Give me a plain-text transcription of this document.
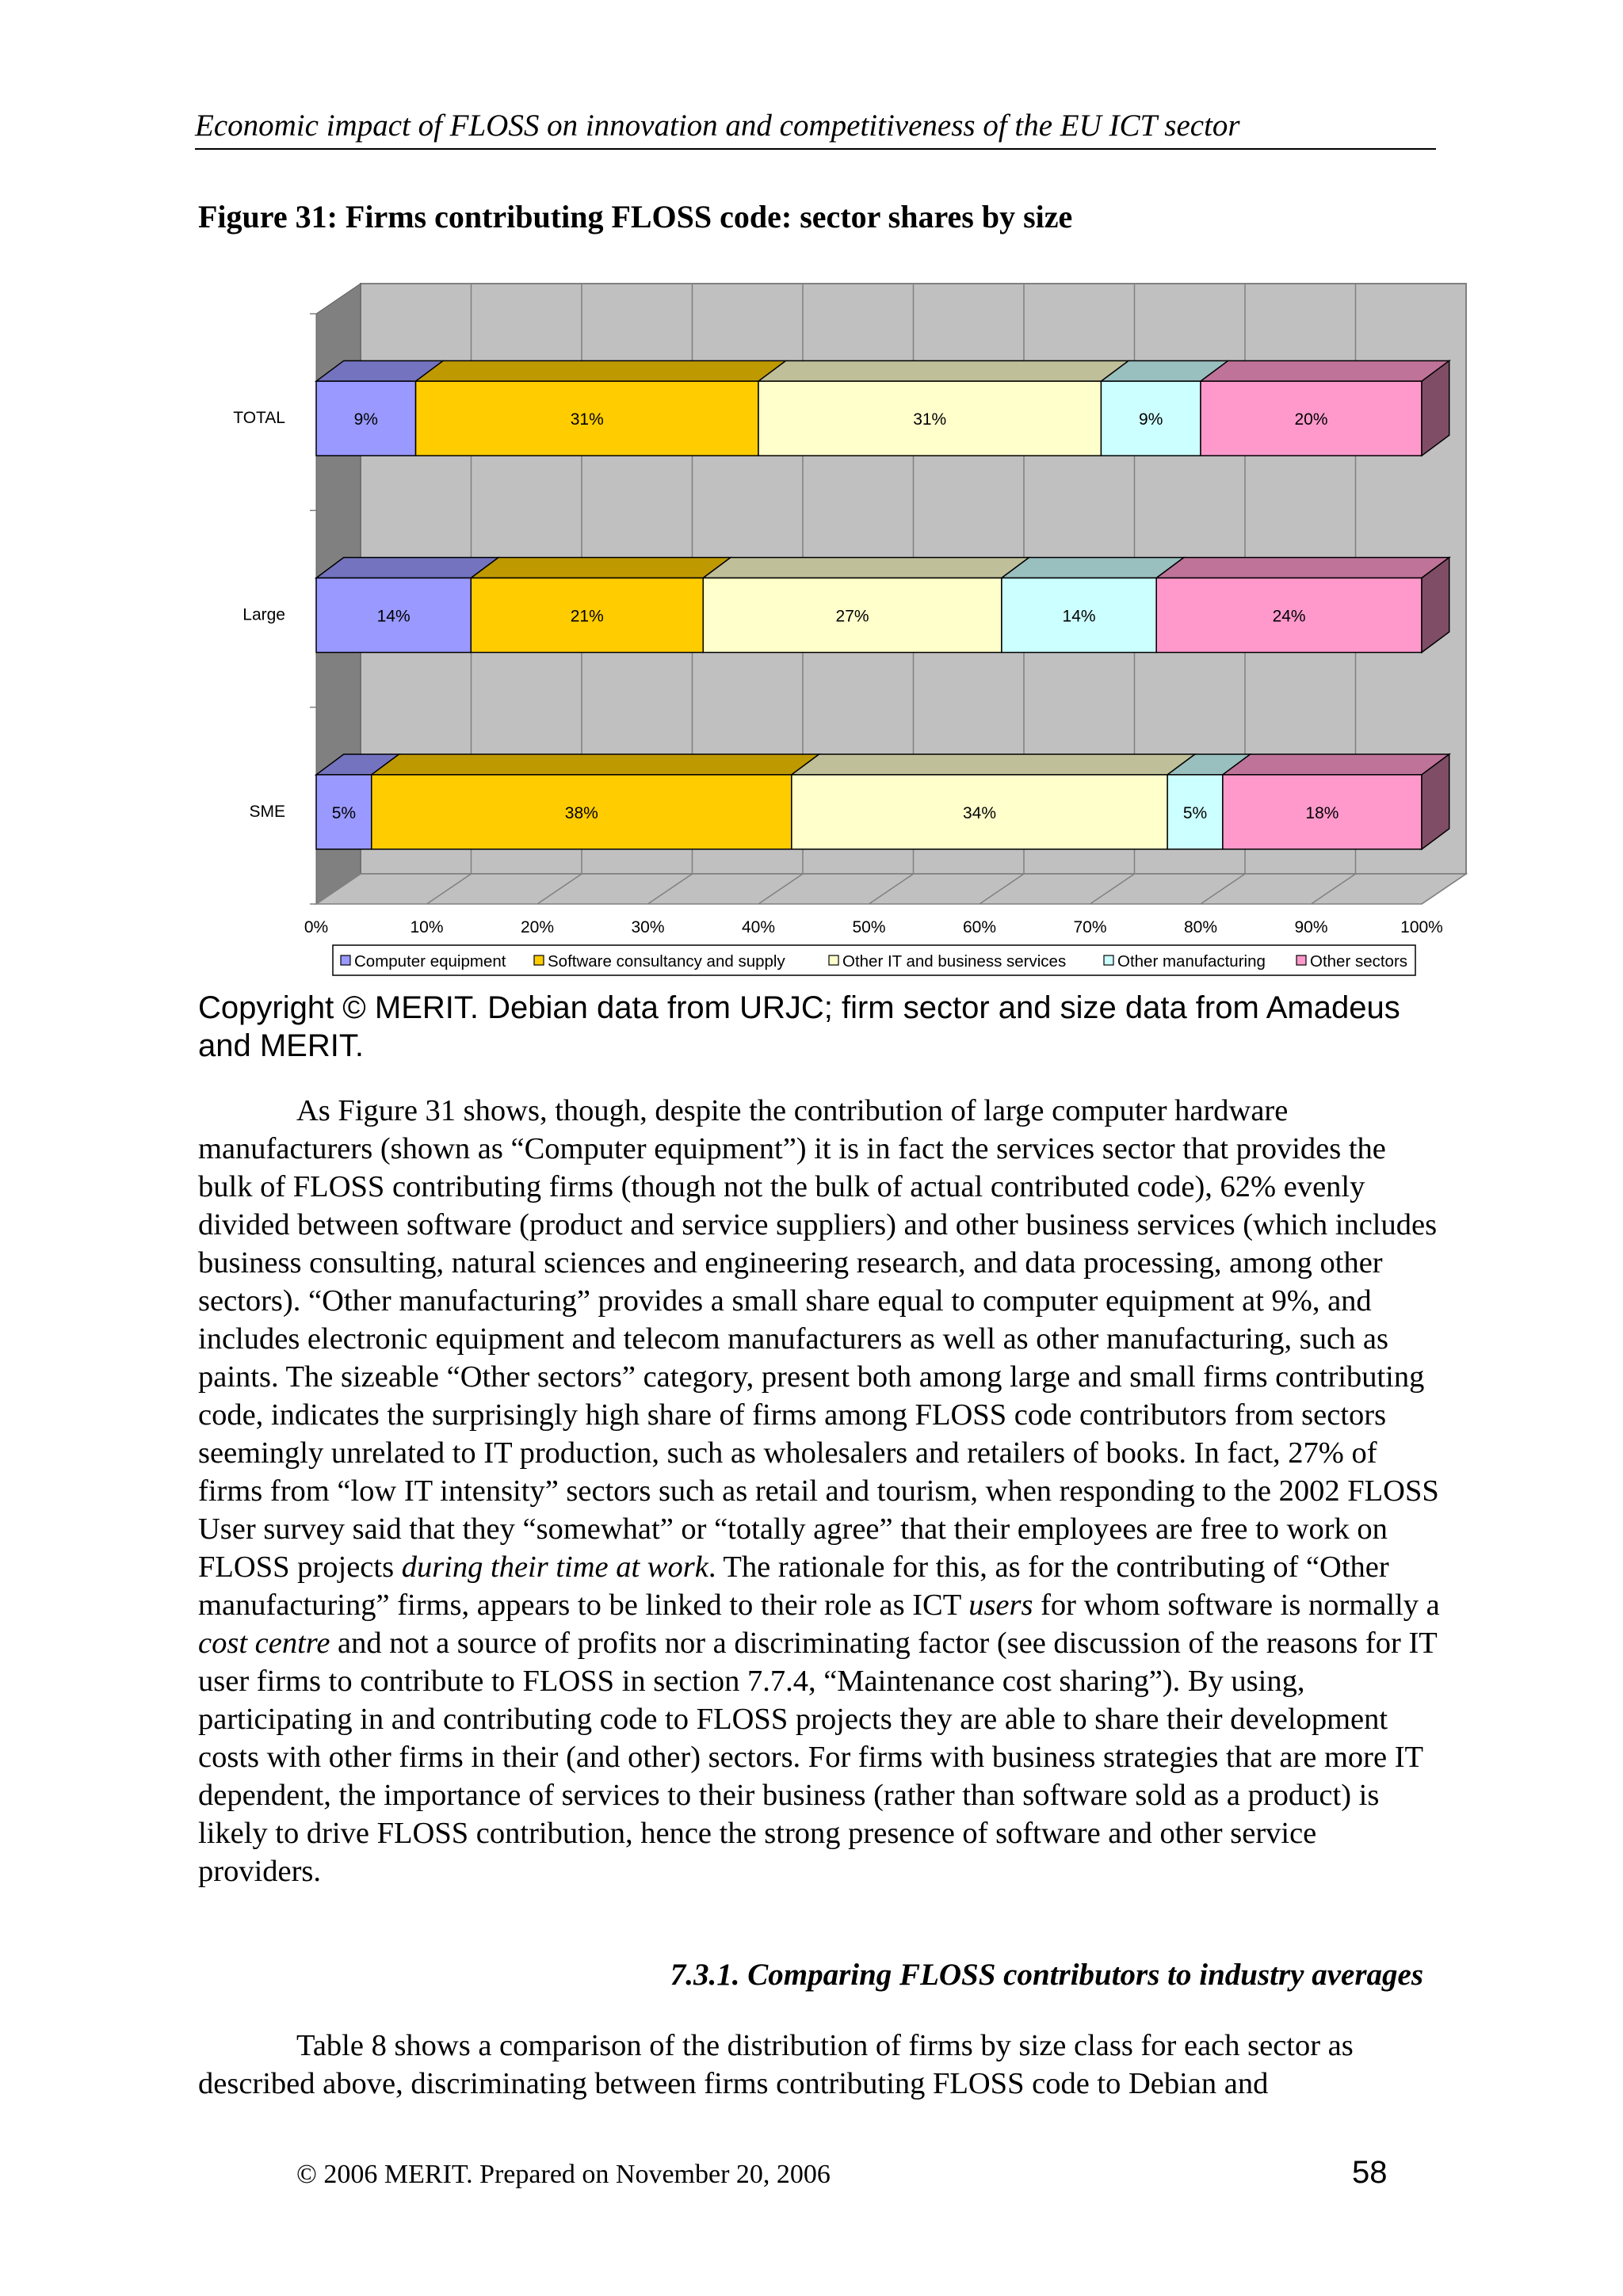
Economic impact of FLOSS on innovation and competitiveness of the EU ICT sector
Figure 31: Firms contributing FLOSS code: sector shares by size
0%	10%	20%	30%	40%	50%	60%	70%	80%	90%	100%
TOTAL	9%	31%	31%	9%	20%
Large	14%	21%	27%	14%	24%
SME	5%	38%	34%	5%	18%
Computer equipment	Software consultancy and supply	Other IT and business services	Other manufacturing	Other sectors
Copyright © MERIT. Debian data from URJC; firm sector and size data from Amadeus and MERIT.

As Figure 31 shows, though, despite the contribution of large computer hardware manufacturers (shown as “Computer equipment”) it is in fact the services sector that provides the bulk of FLOSS contributing firms (though not the bulk of actual contributed code), 62% evenly divided between software (product and service suppliers) and other business services (which includes business consulting, natural sciences and engineering research, and data processing, among other sectors). “Other manufacturing” provides a small share equal to computer equipment at 9%, and includes electronic equipment and telecom manufacturers as well as other manufacturing, such as paints. The sizeable “Other sectors” category, present both among large and small firms contributing code, indicates the surprisingly high share of firms among FLOSS code contributors from sectors seemingly unrelated to IT production, such as wholesalers and retailers of books. In fact, 27% of firms from “low IT intensity” sectors such as retail and tourism, when responding to the 2002 FLOSS User survey said that they “somewhat” or “totally agree” that their employees are free to work on FLOSS projects during their time at work. The rationale for this, as for the contributing of “Other manufacturing” firms, appears to be linked to their role as ICT users for whom software is normally a cost centre and not a source of profits nor a discriminating factor (see discussion of the reasons for IT user firms to contribute to FLOSS in section 7.7.4, “Maintenance cost sharing”). By using, participating in and contributing code to FLOSS projects they are able to share their development costs with other firms in their (and other) sectors. For firms with business strategies that are more IT dependent, the importance of services to their business (rather than software sold as a product) is likely to drive FLOSS contribution, hence the strong presence of software and other service providers.

7.3.1. Comparing FLOSS contributors to industry averages

Table 8 shows a comparison of the distribution of firms by size class for each sector as described above, discriminating between firms contributing FLOSS code to Debian and

© 2006 MERIT. Prepared on November 20, 2006	58
